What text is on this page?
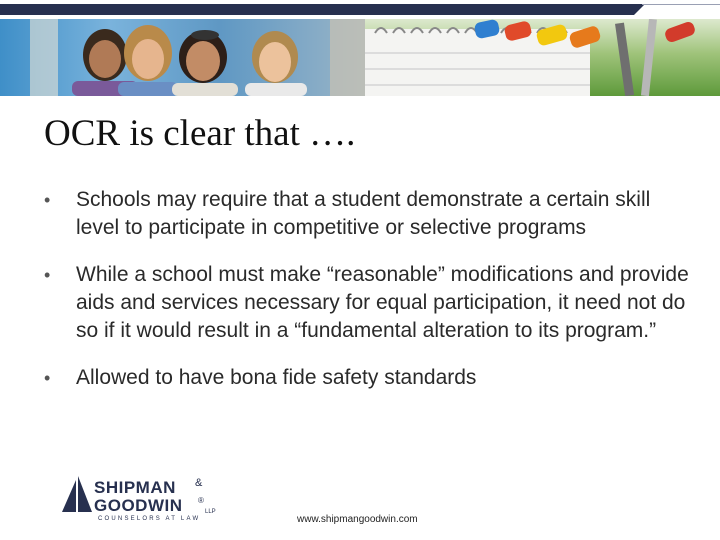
OCR is clear that ….
• Schools may require that a student demonstrate a certain skill level to participate in competitive or selective programs
• While a school must make “reasonable” modifications and provide aids and services necessary for equal participation, it need not do so if it would result in a “fundamental alteration to its program.”
• Allowed to have bona fide safety standards
SHIPMAN &
GOODWIN ®
LLP
COUNSELORS AT LAW	www.shipmangoodwin.com
